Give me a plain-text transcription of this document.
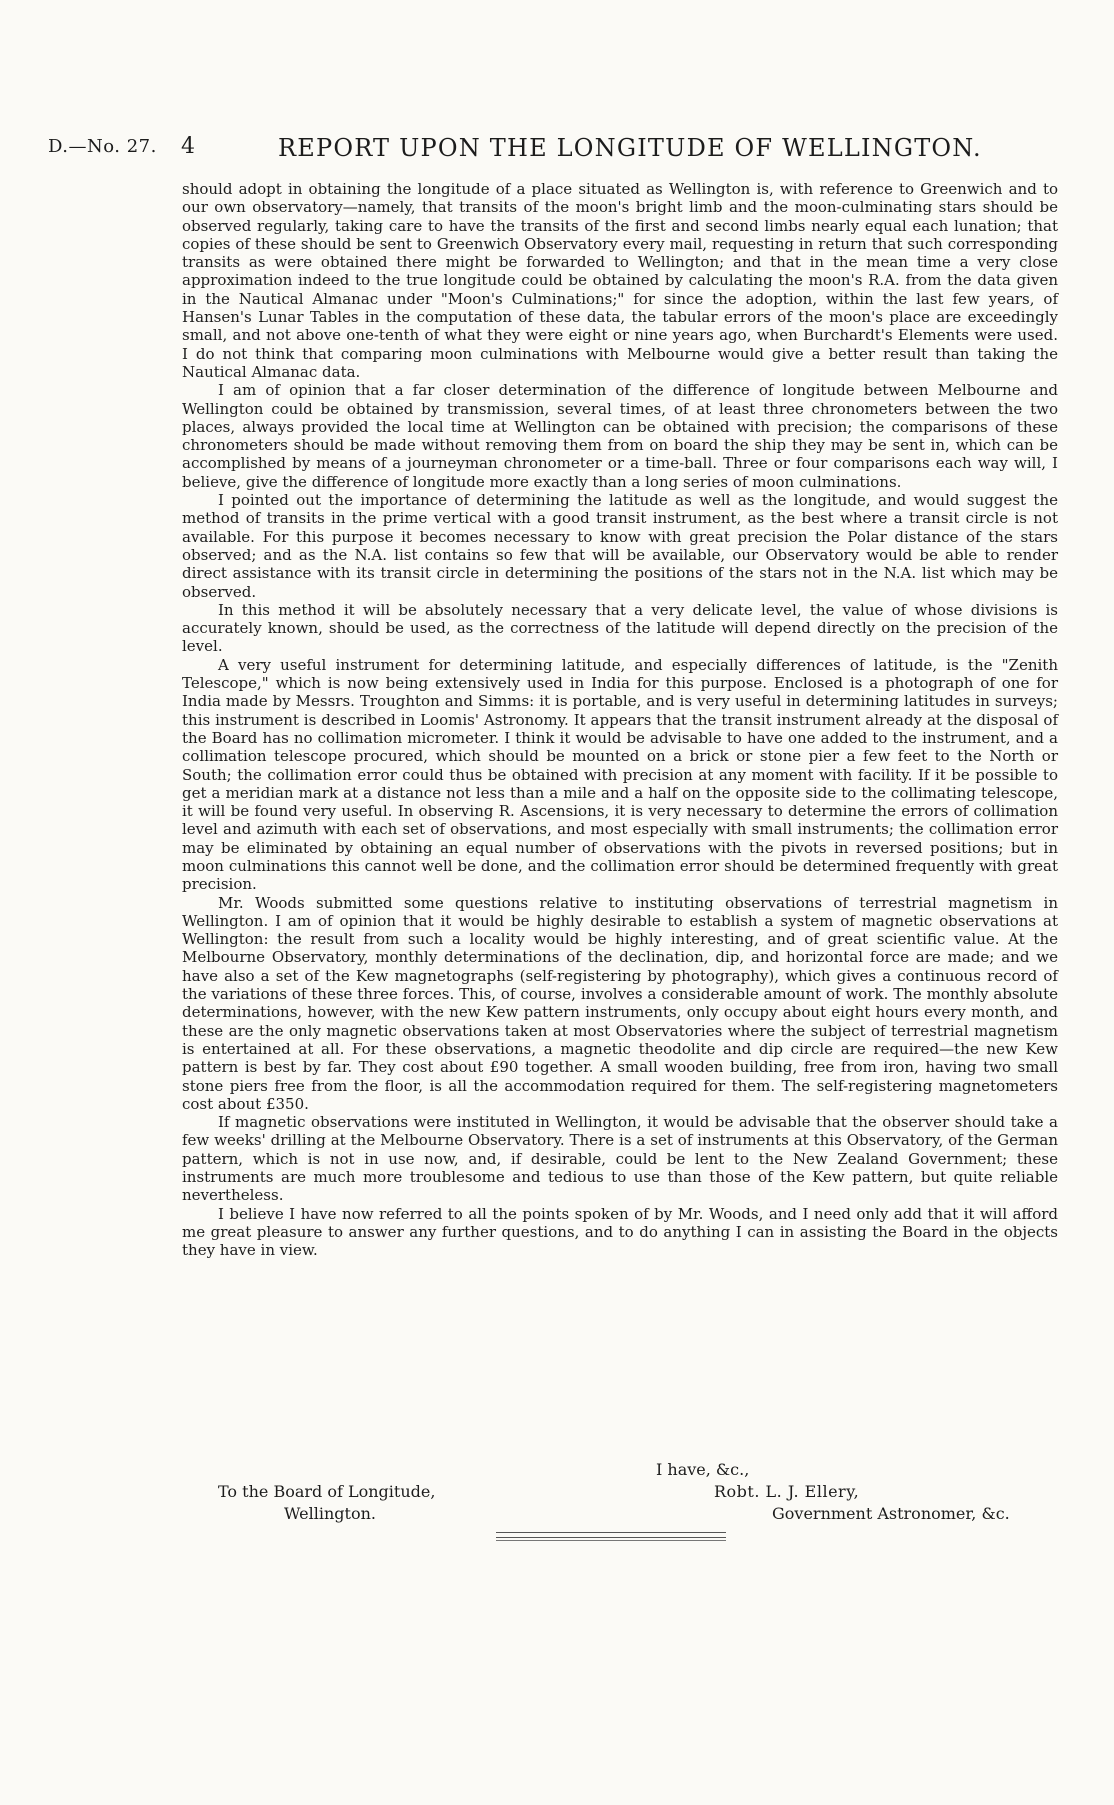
D.—No. 27. 4	REPORT UPON THE LONGITUDE OF WELLINGTON.

should adopt in obtaining the longitude of a place situated as Wellington is, with reference to Greenwich and to our own observatory—namely, that transits of the moon's bright limb and the moon-culminating stars should be observed regularly, taking care to have the transits of the first and second limbs nearly equal each lunation; that copies of these should be sent to Greenwich Observatory every mail, requesting in return that such corresponding transits as were obtained there might be forwarded to Wellington; and that in the mean time a very close approximation indeed to the true longitude could be obtained by calculating the moon's R.A. from the data given in the Nautical Almanac under "Moon's Culminations;" for since the adoption, within the last few years, of Hansen's Lunar Tables in the computation of these data, the tabular errors of the moon's place are exceedingly small, and not above one-tenth of what they were eight or nine years ago, when Burchardt's Elements were used. I do not think that comparing moon culminations with Melbourne would give a better result than taking the Nautical Almanac data.

I am of opinion that a far closer determination of the difference of longitude between Melbourne and Wellington could be obtained by transmission, several times, of at least three chronometers between the two places, always provided the local time at Wellington can be obtained with precision; the comparisons of these chronometers should be made without removing them from on board the ship they may be sent in, which can be accomplished by means of a journeyman chronometer or a time-ball. Three or four comparisons each way will, I believe, give the difference of longitude more exactly than a long series of moon culminations.

I pointed out the importance of determining the latitude as well as the longitude, and would suggest the method of transits in the prime vertical with a good transit instrument, as the best where a transit circle is not available. For this purpose it becomes necessary to know with great precision the Polar distance of the stars observed; and as the N.A. list contains so few that will be available, our Observatory would be able to render direct assistance with its transit circle in determining the positions of the stars not in the N.A. list which may be observed.

In this method it will be absolutely necessary that a very delicate level, the value of whose divisions is accurately known, should be used, as the correctness of the latitude will depend directly on the precision of the level.

A very useful instrument for determining latitude, and especially differences of latitude, is the "Zenith Telescope," which is now being extensively used in India for this purpose. Enclosed is a photograph of one for India made by Messrs. Troughton and Simms: it is portable, and is very useful in determining latitudes in surveys; this instrument is described in Loomis' Astronomy. It appears that the transit instrument already at the disposal of the Board has no collimation micrometer. I think it would be advisable to have one added to the instrument, and a collimation telescope procured, which should be mounted on a brick or stone pier a few feet to the North or South; the collimation error could thus be obtained with precision at any moment with facility. If it be possible to get a meridian mark at a distance not less than a mile and a half on the opposite side to the collimating telescope, it will be found very useful. In observing R. Ascensions, it is very necessary to determine the errors of collimation level and azimuth with each set of observations, and most especially with small instruments; the collimation error may be eliminated by obtaining an equal number of observations with the pivots in reversed positions; but in moon culminations this cannot well be done, and the collimation error should be determined frequently with great precision.

Mr. Woods submitted some questions relative to instituting observations of terrestrial magnetism in Wellington. I am of opinion that it would be highly desirable to establish a system of magnetic observations at Wellington: the result from such a locality would be highly interesting, and of great scientific value. At the Melbourne Observatory, monthly determinations of the declination, dip, and horizontal force are made; and we have also a set of the Kew magnetographs (self-registering by photography), which gives a continuous record of the variations of these three forces. This, of course, involves a considerable amount of work. The monthly absolute determinations, however, with the new Kew pattern instruments, only occupy about eight hours every month, and these are the only magnetic observations taken at most Observatories where the subject of terrestrial magnetism is entertained at all. For these observations, a magnetic theodolite and dip circle are required—the new Kew pattern is best by far. They cost about £90 together. A small wooden building, free from iron, having two small stone piers free from the floor, is all the accommodation required for them. The self-registering magnetometers cost about £350.

If magnetic observations were instituted in Wellington, it would be advisable that the observer should take a few weeks' drilling at the Melbourne Observatory. There is a set of instruments at this Observatory, of the German pattern, which is not in use now, and, if desirable, could be lent to the New Zealand Government; these instruments are much more troublesome and tedious to use than those of the Kew pattern, but quite reliable nevertheless.

I believe I have now referred to all the points spoken of by Mr. Woods, and I need only add that it will afford me great pleasure to answer any further questions, and to do anything I can in assisting the Board in the objects they have in view.

I have, &c.,
To the Board of Longitude,
Wellington.
Robt. L. J. Ellery,
Government Astronomer, &c.
